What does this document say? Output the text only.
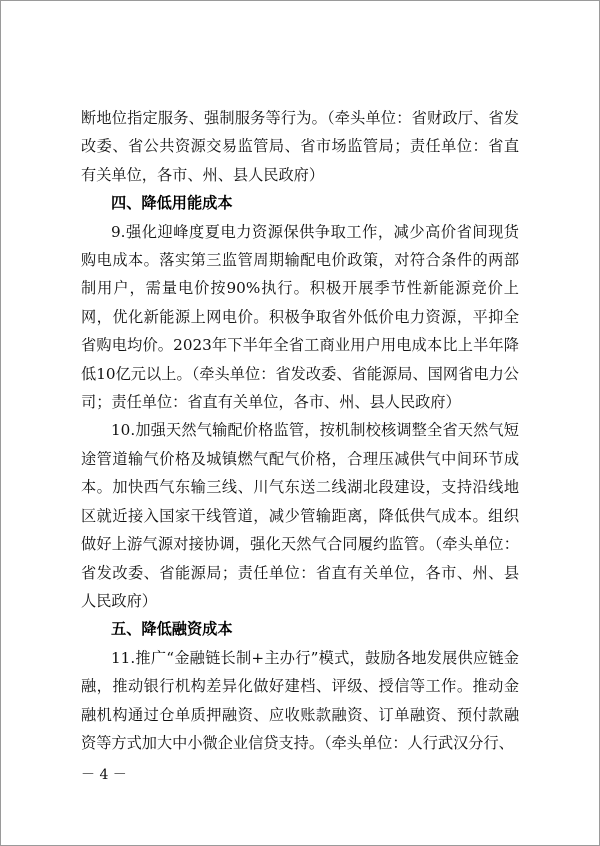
断地位指定服务、强制服务等行为。（牵头单位：省财政厅、省发改委、省公共资源交易监管局、省市场监管局；责任单位：省直有关单位，各市、州、县人民政府）

四、降低用能成本

9.强化迎峰度夏电力资源保供争取工作，减少高价省间现货购电成本。落实第三监管周期输配电价政策，对符合条件的两部制用户，需量电价按90%执行。积极开展季节性新能源竞价上网，优化新能源上网电价。积极争取省外低价电力资源，平抑全省购电均价。2023年下半年全省工商业用户用电成本比上半年降低10亿元以上。（牵头单位：省发改委、省能源局、国网省电力公司；责任单位：省直有关单位，各市、州、县人民政府）

10.加强天然气输配价格监管，按机制校核调整全省天然气短途管道输气价格及城镇燃气配气价格，合理压减供气中间环节成本。加快西气东输三线、川气东送二线湖北段建设，支持沿线地区就近接入国家干线管道，减少管输距离，降低供气成本。组织做好上游气源对接协调，强化天然气合同履约监管。（牵头单位：省发改委、省能源局；责任单位：省直有关单位，各市、州、县人民政府）

五、降低融资成本

11.推广“金融链长制+主办行”模式，鼓励各地发展供应链金融，推动银行机构差异化做好建档、评级、授信等工作。推动金融机构通过仓单质押融资、应收账款融资、订单融资、预付款融资等方式加大中小微企业信贷支持。（牵头单位：人行武汉分行、

－ 4 －
